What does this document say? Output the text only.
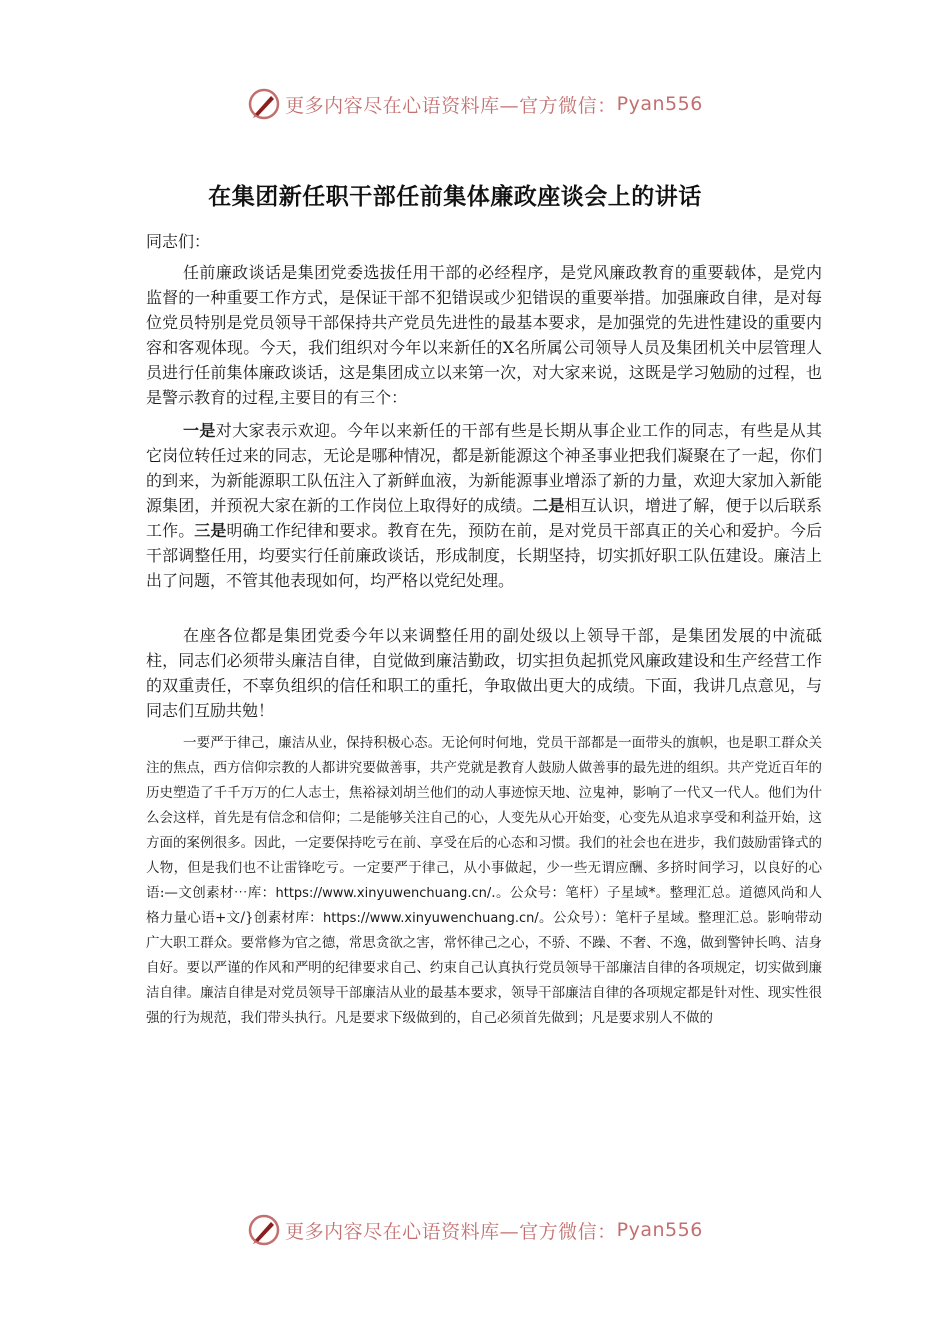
更多内容尽在心语资料库—官方微信： Pyan556
在集团新任职干部任前集体廉政座谈会上的讲话

同志们：

任前廉政谈话是集团党委选拔任用干部的必经程序，是党风廉政教育的重要载体，是党内监督的一种重要工作方式，是保证干部不犯错误或少犯错误的重要举措。加强廉政自律，是对每位党员特别是党员领导干部保持共产党员先进性的最基本要求，是加强党的先进性建设的重要内容和客观体现。今天，我们组织对今年以来新任的X名所属公司领导人员及集团机关中层管理人员进行任前集体廉政谈话，这是集团成立以来第一次，对大家来说，这既是学习勉励的过程，也是警示教育的过程,主要目的有三个：

一是对大家表示欢迎。今年以来新任的干部有些是长期从事企业工作的同志，有些是从其它岗位转任过来的同志，无论是哪种情况，都是新能源这个神圣事业把我们凝聚在了一起，你们的到来，为新能源职工队伍注入了新鲜血液，为新能源事业增添了新的力量，欢迎大家加入新能源集团，并预祝大家在新的工作岗位上取得好的成绩。二是相互认识，增进了解，便于以后联系工作。三是明确工作纪律和要求。教育在先，预防在前，是对党员干部真正的关心和爱护。今后干部调整任用，均要实行任前廉政谈话，形成制度，长期坚持，切实抓好职工队伍建设。廉洁上出了问题，不管其他表现如何，均严格以党纪处理。

在座各位都是集团党委今年以来调整任用的副处级以上领导干部，是集团发展的中流砥柱，同志们必须带头廉洁自律，自觉做到廉洁勤政，切实担负起抓党风廉政建设和生产经营工作的双重责任，不辜负组织的信任和职工的重托，争取做出更大的成绩。下面，我讲几点意见，与同志们互励共勉！

一要严于律己，廉洁从业，保持积极心态。无论何时何地，党员干部都是一面带头的旗帜，也是职工群众关注的焦点，西方信仰宗教的人都讲究要做善事，共产党就是教育人鼓励人做善事的最先进的组织。共产党近百年的历史塑造了千千万万的仁人志士，焦裕禄刘胡兰他们的动人事迹惊天地、泣鬼神，影响了一代又一代人。他们为什么会这样，首先是有信念和信仰；二是能够关注自己的心，人变先从心开始变，心变先从追求享受和利益开始，这方面的案例很多。因此，一定要保持吃亏在前、享受在后的心态和习惯。我们的社会也在进步，我们鼓励雷锋式的人物，但是我们也不让雷锋吃亏。一定要严于律己，从小事做起，少一些无谓应酬、多挤时间学习，以良好的心语:—文创素材⋯库：https://www.xinyuwenchuang.cn/.。公众号：笔杆）子星域*。整理汇总。道德风尚和人格力量心语+文/}创素材库：https://www.xinyuwenchuang.cn/。公众号）：笔杆子星域。整理汇总。影响带动广大职工群众。要常修为官之德，常思贪欲之害，常怀律己之心，不骄、不躁、不奢、不逸，做到警钟长鸣、洁身自好。要以严谨的作风和严明的纪律要求自己、约束自己认真执行党员领导干部廉洁自律的各项规定，切实做到廉洁自律。廉洁自律是对党员领导干部廉洁从业的最基本要求，领导干部廉洁自律的各项规定都是针对性、现实性很强的行为规范，我们带头执行。凡是要求下级做到的，自己必须首先做到；凡是要求别人不做的

更多内容尽在心语资料库—官方微信： Pyan556
